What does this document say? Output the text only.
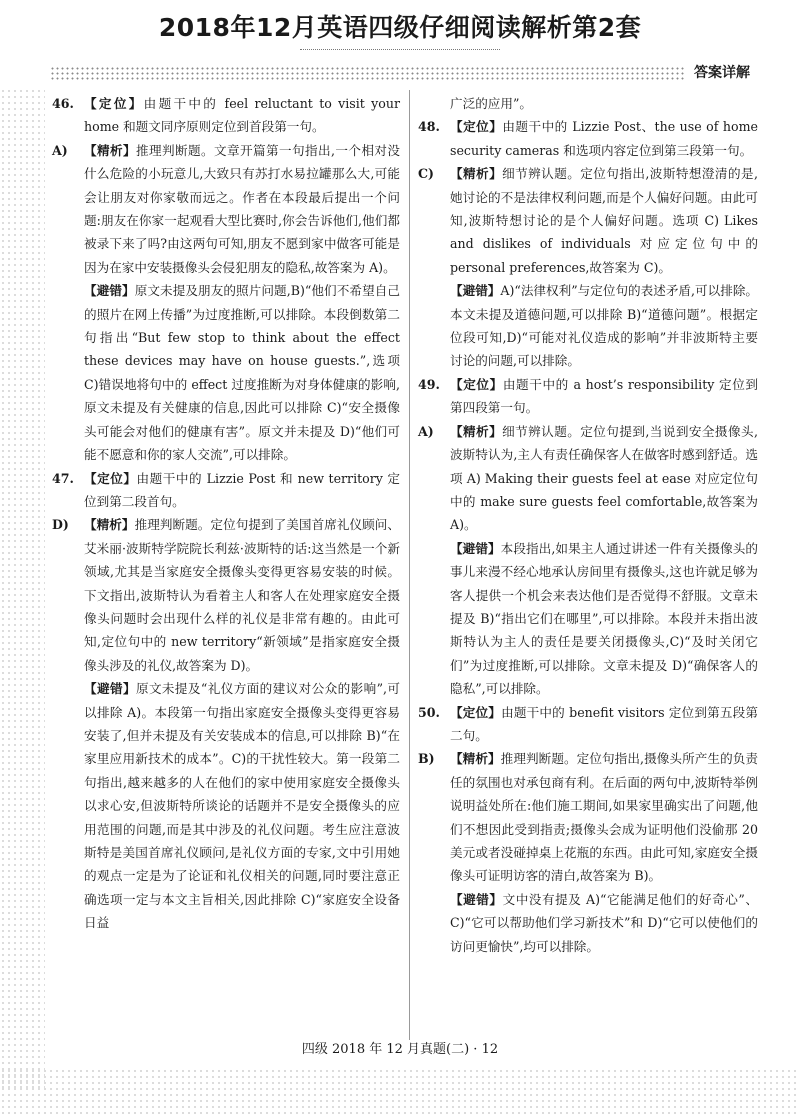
2018年12月英语四级仔细阅读解析第2套
答案详解
46. 【定位】由题干中的 feel reluctant to visit your home 和题文同序原则定位到首段第一句。
A) 【精析】推理判断题。文章开篇第一句指出,一个相对没什么危险的小玩意儿,大致只有苏打水易拉罐那么大,可能会让朋友对你家敬而远之。作者在本段最后提出一个问题:朋友在你家一起观看大型比赛时,你会告诉他们,他们都被录下来了吗?由这两句可知,朋友不愿到家中做客可能是因为在家中安装摄像头会侵犯朋友的隐私,故答案为 A)。
【避错】原文未提及朋友的照片问题,B)“他们不希望自己的照片在网上传播”为过度推断,可以排除。本段倒数第二句指出“But few stop to think about the effect these devices may have on house guests.”,选项 C)错误地将句中的 effect 过度推断为对身体健康的影响,原文未提及有关健康的信息,因此可以排除 C)“安全摄像头可能会对他们的健康有害”。原文并未提及 D)“他们可能不愿意和你的家人交流”,可以排除。
47. 【定位】由题干中的 Lizzie Post 和 new territory 定位到第二段首句。
D) 【精析】推理判断题。定位句提到了美国首席礼仪顾问、艾米丽·波斯特学院院长利兹·波斯特的话:这当然是一个新领域,尤其是当家庭安全摄像头变得更容易安装的时候。下文指出,波斯特认为看着主人和客人在处理家庭安全摄像头问题时会出现什么样的礼仪是非常有趣的。由此可知,定位句中的 new territory“新领域”是指家庭安全摄像头涉及的礼仪,故答案为 D)。
【避错】原文未提及“礼仪方面的建议对公众的影响”,可以排除 A)。本段第一句指出家庭安全摄像头变得更容易安装了,但并未提及有关安装成本的信息,可以排除 B)“在家里应用新技术的成本”。C)的干扰性较大。第一段第二句指出,越来越多的人在他们的家中使用家庭安全摄像头以求心安,但波斯特所谈论的话题并不是安全摄像头的应用范围的问题,而是其中涉及的礼仪问题。考生应注意波斯特是美国首席礼仪顾问,是礼仪方面的专家,文中引用她的观点一定是为了论证和礼仪相关的问题,同时要注意正确选项一定与本文主旨相关,因此排除 C)“家庭安全设备日益
广泛的应用”。
48. 【定位】由题干中的 Lizzie Post、the use of home security cameras 和选项内容定位到第三段第一句。
C) 【精析】细节辨认题。定位句指出,波斯特想澄清的是,她讨论的不是法律权利问题,而是个人偏好问题。由此可知,波斯特想讨论的是个人偏好问题。选项 C) Likes and dislikes of individuals 对应定位句中的 personal preferences,故答案为 C)。
【避错】A)“法律权利”与定位句的表述矛盾,可以排除。本文未提及道德问题,可以排除 B)“道德问题”。根据定位段可知,D)“可能对礼仪造成的影响”并非波斯特主要讨论的问题,可以排除。
49. 【定位】由题干中的 a host’s responsibility 定位到第四段第一句。
A) 【精析】细节辨认题。定位句提到,当说到安全摄像头,波斯特认为,主人有责任确保客人在做客时感到舒适。选项 A) Making their guests feel at ease 对应定位句中的 make sure guests feel comfortable,故答案为 A)。
【避错】本段指出,如果主人通过讲述一件有关摄像头的事儿来漫不经心地承认房间里有摄像头,这也许就足够为客人提供一个机会来表达他们是否觉得不舒服。文章未提及 B)“指出它们在哪里”,可以排除。本段并未指出波斯特认为主人的责任是要关闭摄像头,C)“及时关闭它们”为过度推断,可以排除。文章未提及 D)“确保客人的隐私”,可以排除。
50. 【定位】由题干中的 benefit visitors 定位到第五段第二句。
B) 【精析】推理判断题。定位句指出,摄像头所产生的负责任的氛围也对承包商有利。在后面的两句中,波斯特举例说明益处所在:他们施工期间,如果家里确实出了问题,他们不想因此受到指责;摄像头会成为证明他们没偷那 20 美元或者没碰掉桌上花瓶的东西。由此可知,家庭安全摄像头可证明访客的清白,故答案为 B)。
【避错】文中没有提及 A)“它能满足他们的好奇心”、C)“它可以帮助他们学习新技术”和 D)“它可以使他们的访问更愉快”,均可以排除。
四级 2018 年 12 月真题(二) · 12
